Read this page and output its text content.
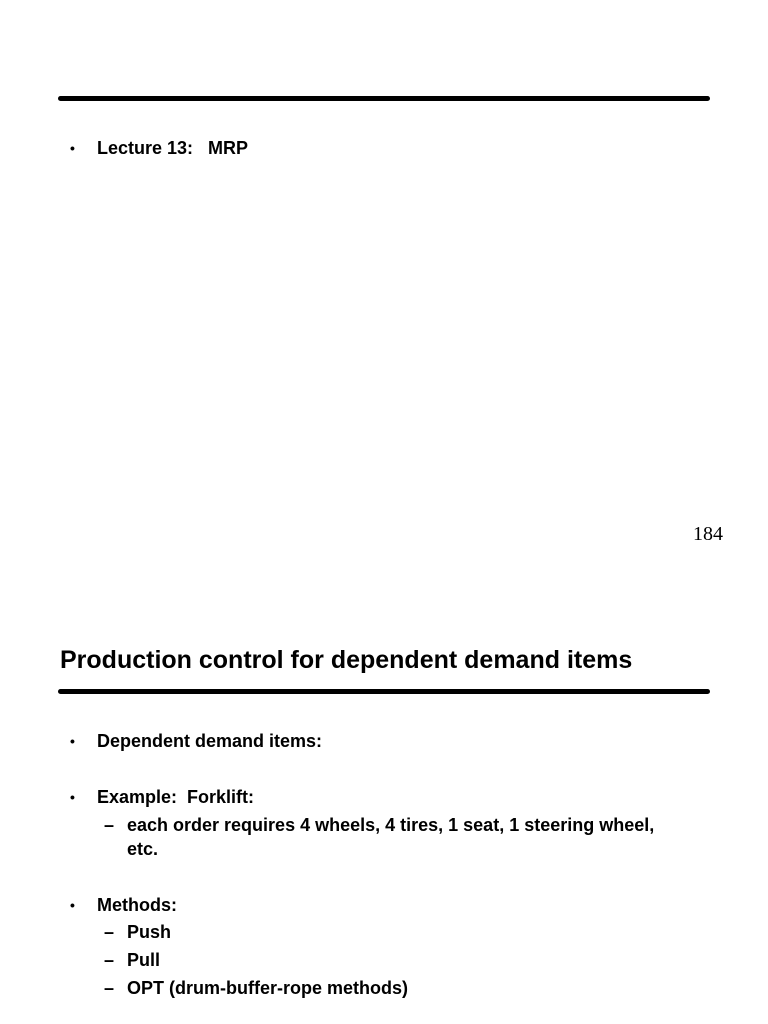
• Lecture 13:   MRP
184
Production control for dependent demand items
• Dependent demand items:
• Example:  Forklift:
– each order requires 4 wheels, 4 tires, 1 seat, 1 steering wheel, etc.
• Methods:
– Push
– Pull
– OPT (drum-buffer-rope methods)
